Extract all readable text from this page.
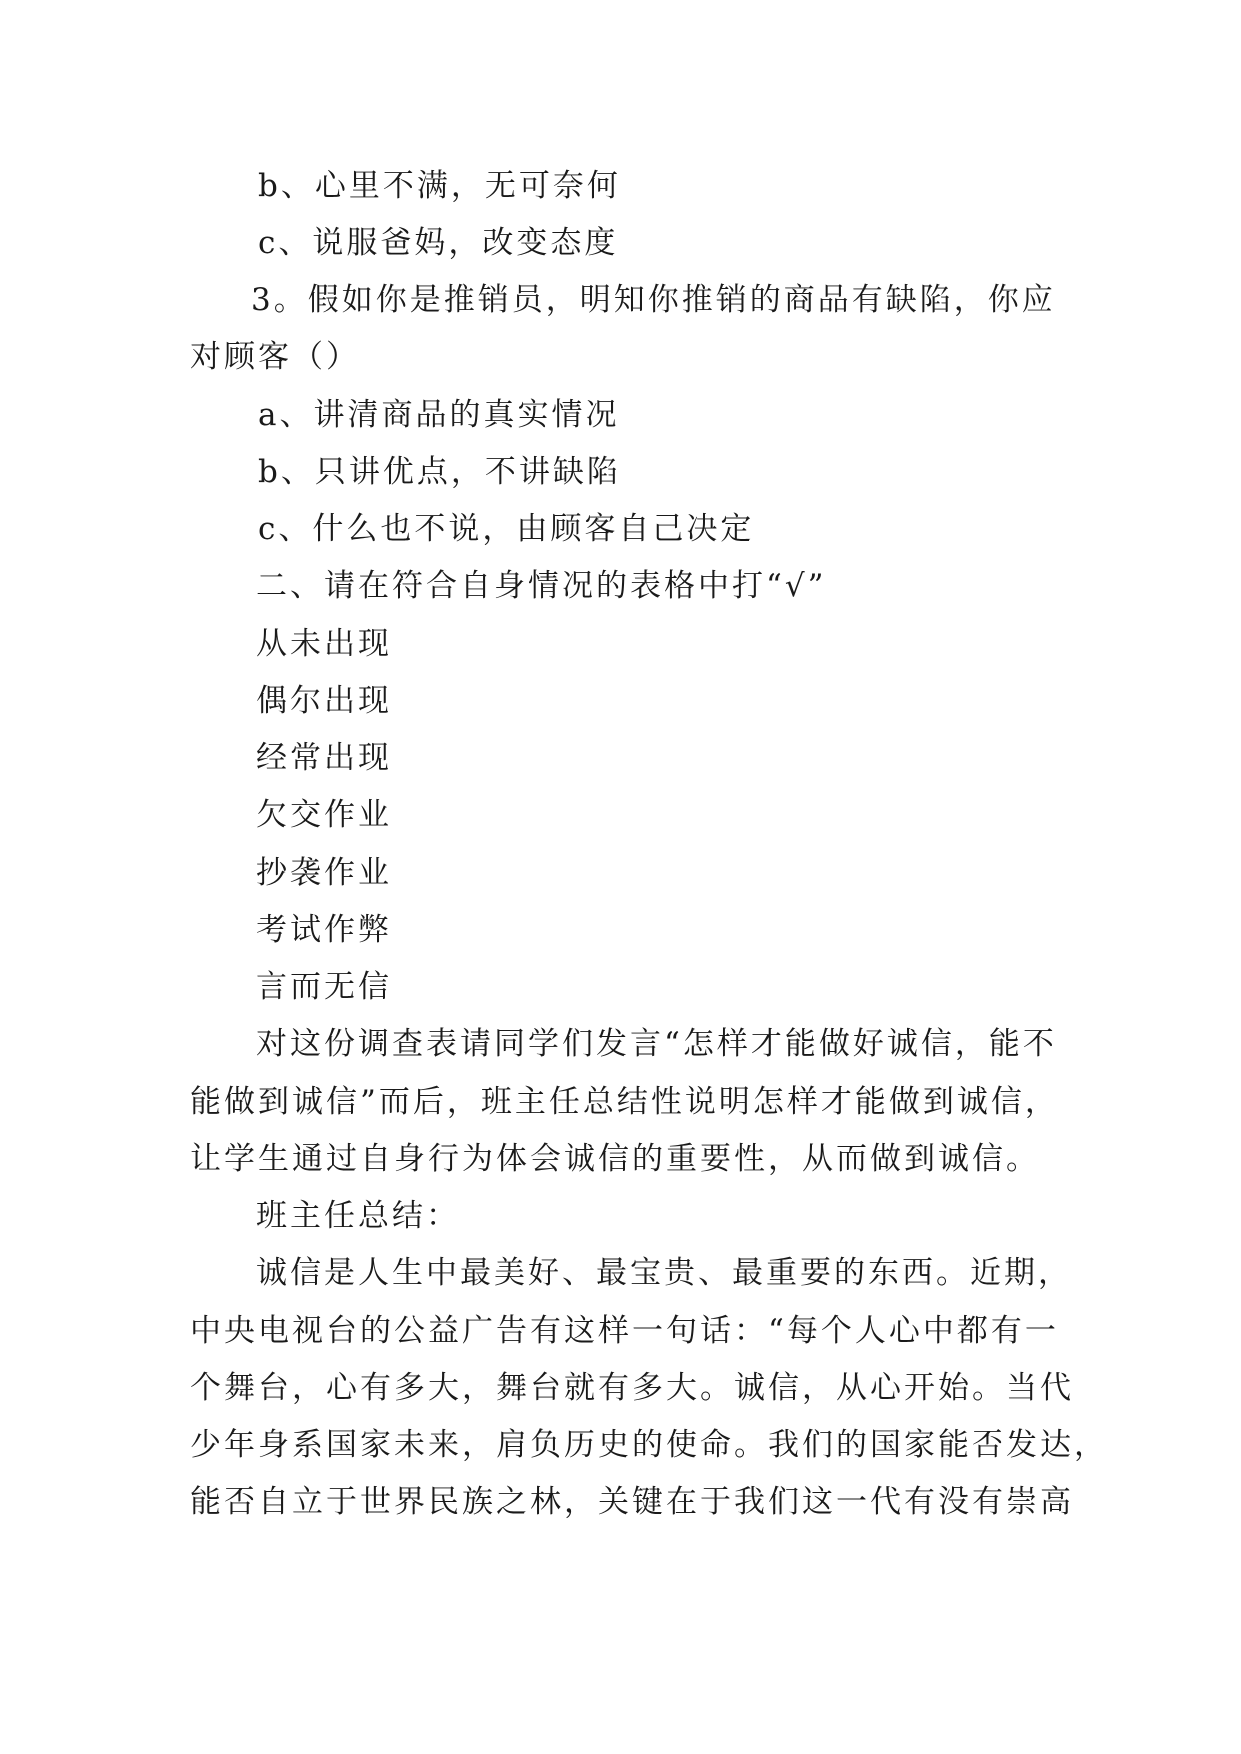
b、心里不满，无可奈何

c、说服爸妈，改变态度

3。假如你是推销员，明知你推销的商品有缺陷，你应

对顾客（）

a、讲清商品的真实情况

b、只讲优点，不讲缺陷

c、什么也不说，由顾客自己决定

二、请在符合自身情况的表格中打“√”

从未出现

偶尔出现

经常出现

欠交作业

抄袭作业

考试作弊

言而无信

对这份调查表请同学们发言“怎样才能做好诚信，能不

能做到诚信”而后，班主任总结性说明怎样才能做到诚信，

让学生通过自身行为体会诚信的重要性，从而做到诚信。

班主任总结：

诚信是人生中最美好、最宝贵、最重要的东西。近期，

中央电视台的公益广告有这样一句话：“每个人心中都有一

个舞台，心有多大，舞台就有多大。诚信，从心开始。当代

少年身系国家未来，肩负历史的使命。我们的国家能否发达，

能否自立于世界民族之林，关键在于我们这一代有没有崇高
